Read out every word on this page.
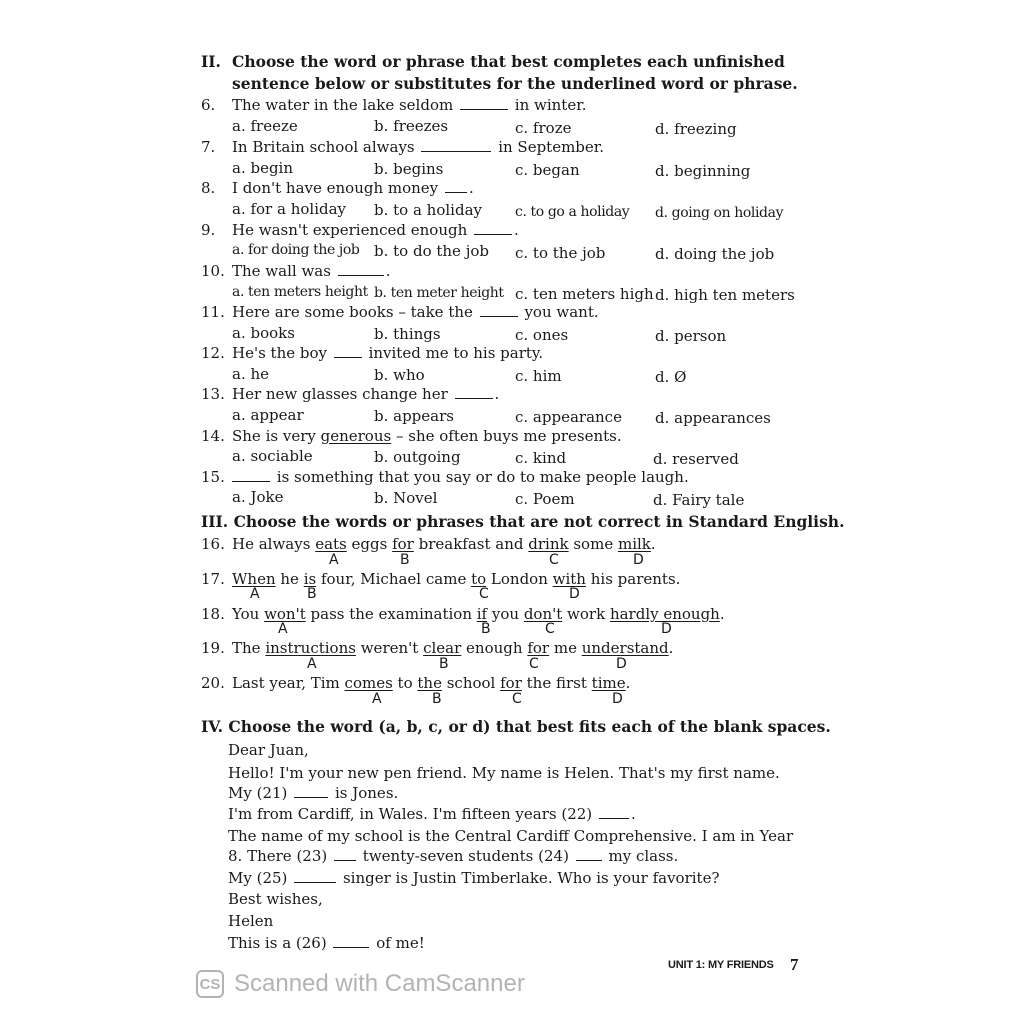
II. Choose the word or phrase that best completes each unfinished
sentence below or substitutes for the underlined word or phrase.
6. The water in the lake seldom	in winter.
a. freeze	b. freezes	c. froze	d. freezing
7. In Britain school always	in September.
a. begin	b. begins	c. began	d. beginning
8. I don't have enough money .
a. for a holiday b. to a holiday c. to go a holiday d. going on holiday
9. He wasn't experienced enough	.
a. for doing the job b. to do the job c. to the job	d. doing the job
10. The wall was	.
a. ten meters height b. ten meter height c. ten meters high d. high ten meters
11. Here are some books – take the	you want.
a. books	b. things	c. ones	d. person
12. He's the boy	invited me to his party.
a. he	b. who	c. him	d. Ø
13. Her new glasses change her	.
a. appear	b. appears	c. appearance d. appearances
14. She is very generous – she often buys me presents.
a. sociable	b. outgoing	c. kind	d. reserved
15.	is something that you say or do to make people laugh.
a. Joke	b. Novel	c. Poem	d. Fairy tale
III. Choose the words or phrases that are not correct in Standard English.
16. He always eats eggs for breakfast and drink some milk.
A	B	C	D
17. When he is four, Michael came to London with his parents.
A	B	C	D
18. You won't pass the examination if you don't work hardly enough.
A	B	C	D
19. The instructions weren't clear enough for me understand.
A	B	C	D
20. Last year, Tim comes to the school for the first time.
A	B	C	D
IV. Choose the word (a, b, c, or d) that best fits each of the blank spaces.
Dear Juan,
Hello! I'm your new pen friend. My name is Helen. That's my first name.
My (21)	is Jones.
I'm from Cardiff, in Wales. I'm fifteen years (22)	.
The name of my school is the Central Cardiff Comprehensive. I am in Year
8. There (23) twenty-seven students (24)	my class.
My (25)	singer is Justin Timberlake. Who is your favorite?
Best wishes,
Helen
This is a (26)	of me!
UNIT 1: MY FRIENDS 7
CS Scanned with CamScanner
